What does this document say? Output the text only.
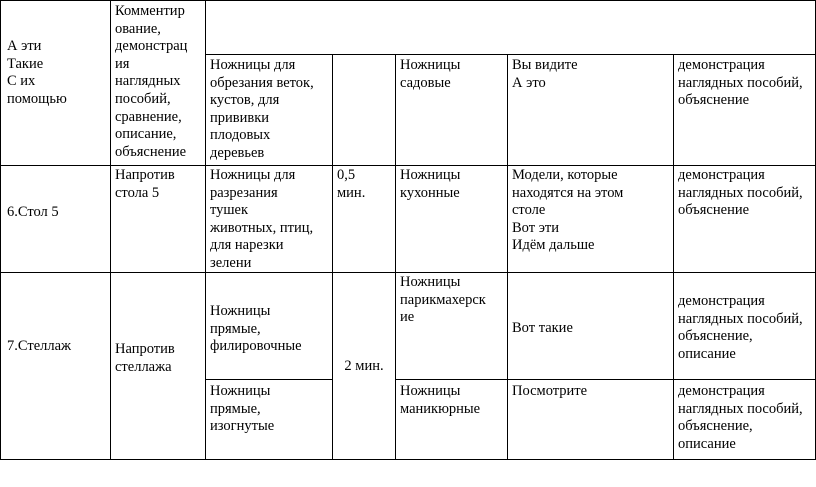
А эти
Такие
С их
помощью
Комментир
ование,
демонстрац
ия
наглядных
пособий,
сравнение,
описание,
объяснение
Ножницы для
обрезания веток,
кустов, для
прививки
плодовых
деревьев
Ножницы
садовые
Вы видите
А это
демонстрация
наглядных пособий,
объяснение
6.Стол 5
Напротив
стола 5
Ножницы для
разрезания
тушек
животных, птиц,
для нарезки
зелени
0,5
мин.
Ножницы
кухонные
Модели, которые
находятся на этом
столе
Вот эти
Идём дальше
демонстрация
наглядных пособий,
объяснение
7.Стеллаж	Напротив
стеллажа
Ножницы
прямые,
филировочные
2 мин.
Ножницы
парикмахерск
ие
Вот такие
демонстрация
наглядных пособий,
объяснение,
описание
Ножницы
прямые,
изогнутые
Ножницы
маникюрные
Посмотрите	демонстрация
наглядных пособий,
объяснение,
описание
